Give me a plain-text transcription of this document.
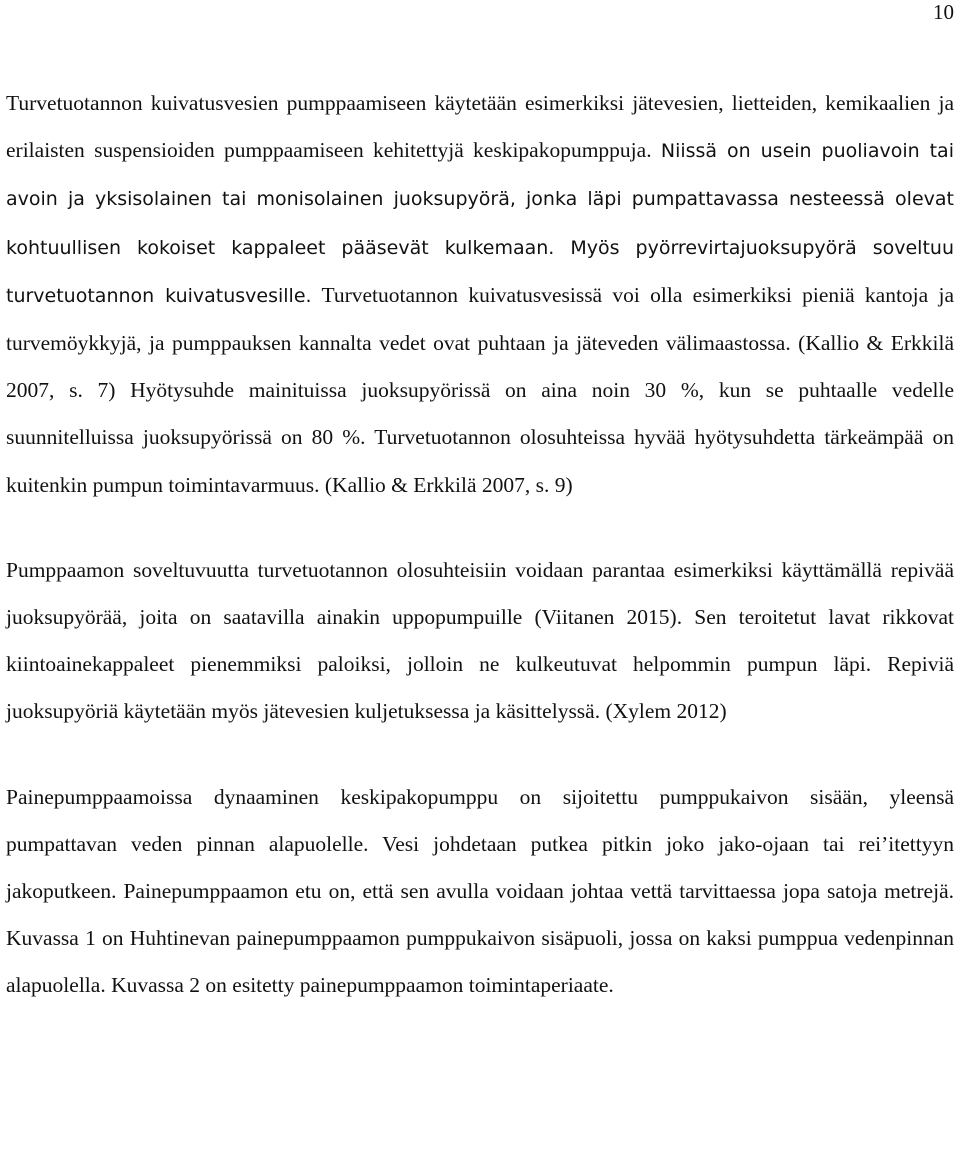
10

Turvetuotannon kuivatusvesien pumppaamiseen käytetään esimerkiksi jätevesien, lietteiden, kemikaalien ja erilaisten suspensioiden pumppaamiseen kehitettyjä keskipakopumppuja. Niissä on usein puoliavoin tai avoin ja yksisolainen tai monisolainen juoksupyörä, jonka läpi pumpattavassa nesteessä olevat kohtuullisen kokoiset kappaleet pääsevät kulkemaan. Myös pyörrevirtajuoksupyörä soveltuu turvetuotannon kuivatusvesille. Turvetuotannon kuivatusvesissä voi olla esimerkiksi pieniä kantoja ja turvemöykkyjä, ja pumppauksen kannalta vedet ovat puhtaan ja jäteveden välimaastossa. (Kallio & Erkkilä 2007, s. 7) Hyötysuhde mainituissa juoksupyörissä on aina noin 30 %, kun se puhtaalle vedelle suunnitelluissa juoksupyörissä on 80 %. Turvetuotannon olosuhteissa hyvää hyötysuhdetta tärkeämpää on kuitenkin pumpun toimintavarmuus. (Kallio & Erkkilä 2007, s. 9)

Pumppaamon soveltuvuutta turvetuotannon olosuhteisiin voidaan parantaa esimerkiksi käyttämällä repivää juoksupyörää, joita on saatavilla ainakin uppopumpuille (Viitanen 2015). Sen teroitetut lavat rikkovat kiintoainekappaleet pienemmiksi paloiksi, jolloin ne kulkeutuvat helpommin pumpun läpi. Repiviä juoksupyöriä käytetään myös jätevesien kuljetuksessa ja käsittelyssä. (Xylem 2012)

Painepumppaamoissa dynaaminen keskipakopumppu on sijoitettu pumppukaivon sisään, yleensä pumpattavan veden pinnan alapuolelle. Vesi johdetaan putkea pitkin joko jako-ojaan tai rei’itettyyn jakoputkeen. Painepumppaamon etu on, että sen avulla voidaan johtaa vettä tarvittaessa jopa satoja metrejä. Kuvassa 1 on Huhtinevan painepumppaamon pumppukaivon sisäpuoli, jossa on kaksi pumppua vedenpinnan alapuolella. Kuvassa 2 on esitetty painepumppaamon toimintaperiaate.
